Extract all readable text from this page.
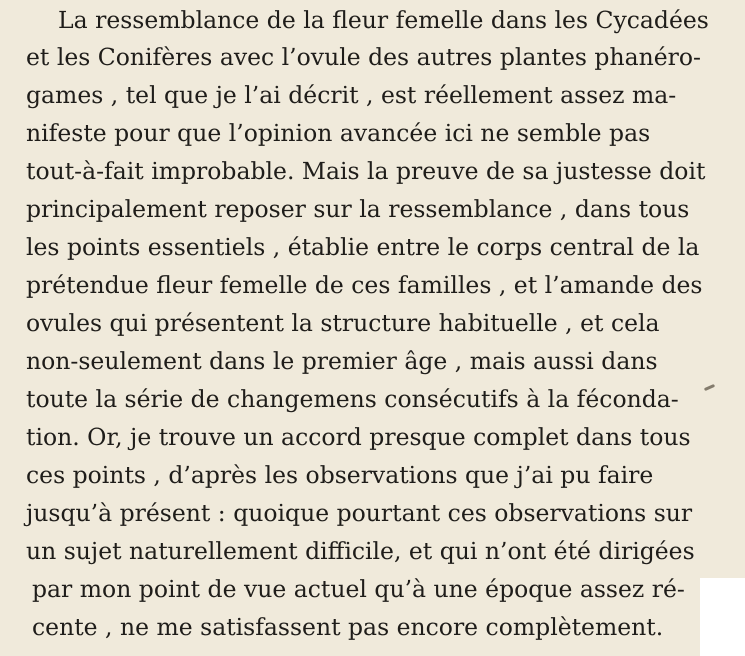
La ressemblance de la fleur femelle dans les Cycadées
et les Conifères avec l’ovule des autres plantes phanéro-
games , tel que je l’ai décrit , est réellement assez ma-
nifeste pour que l’opinion avancée ici ne semble pas
tout-à-fait improbable. Mais la preuve de sa justesse doit
principalement reposer sur la ressemblance , dans tous
les points essentiels , établie entre le corps central de la
prétendue fleur femelle de ces familles , et l’amande des
ovules qui présentent la structure habituelle , et cela
non-seulement dans le premier âge , mais aussi dans
toute la série de changemens consécutifs à la féconda-
tion. Or, je trouve un accord presque complet dans tous
ces points , d’après les observations que j’ai pu faire
jusqu’à présent : quoique pourtant ces observations sur
un sujet naturellement difficile, et qui n’ont été dirigées
par mon point de vue actuel qu’à une époque assez ré-
cente , ne me satisfassent pas encore complètement.
